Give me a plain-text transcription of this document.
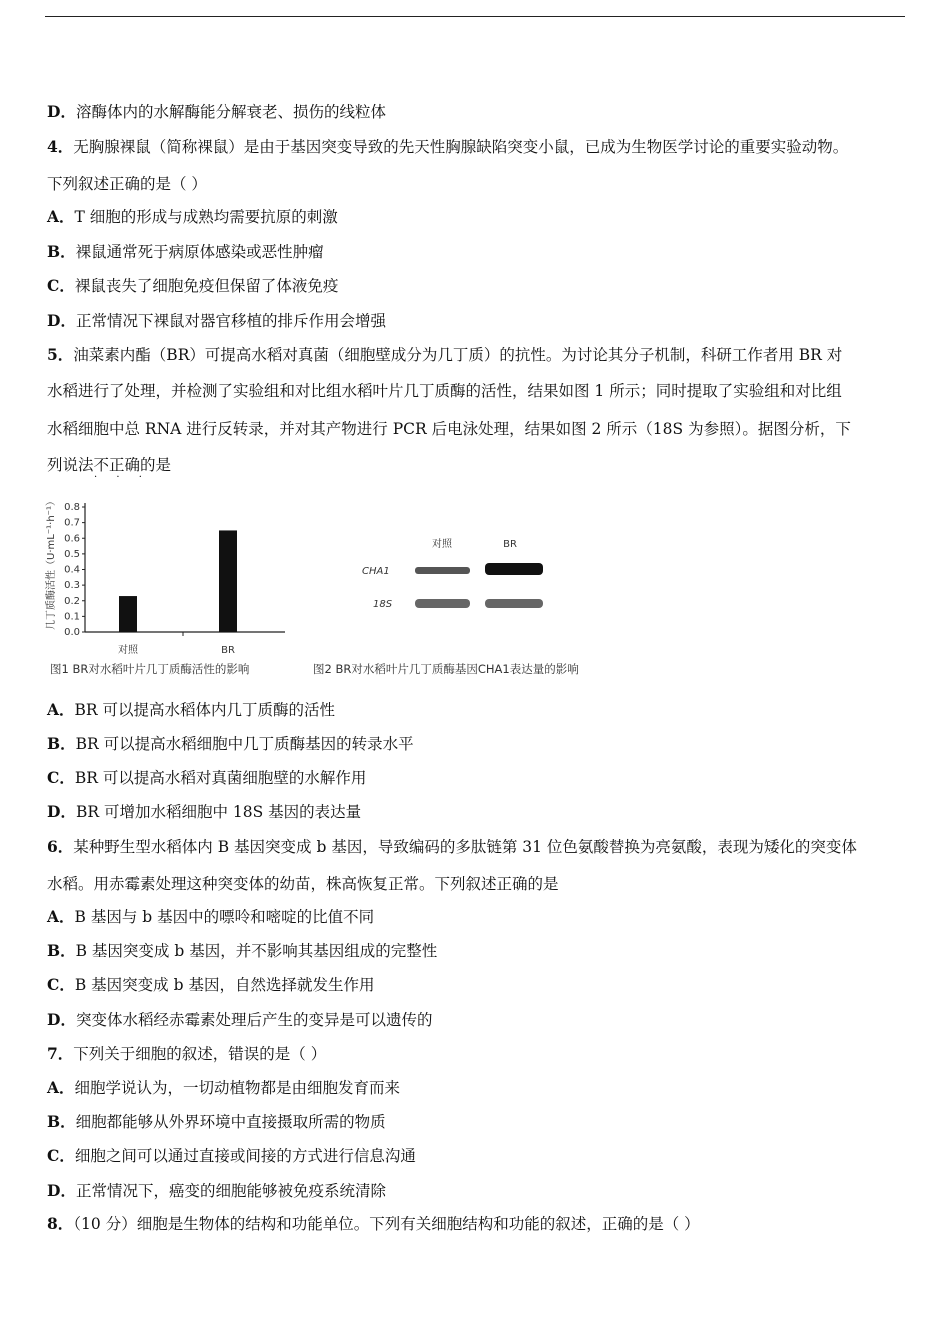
D．溶酶体内的水解酶能分解衰老、损伤的线粒体
4．无胸腺裸鼠（简称裸鼠）是由于基因突变导致的先天性胸腺缺陷突变小鼠，已成为生物医学讨论的重要实验动物。
下列叙述正确的是（ ）
A．T 细胞的形成与成熟均需要抗原的刺激
B．裸鼠通常死于病原体感染或恶性肿瘤
C．裸鼠丧失了细胞免疫但保留了体液免疫
D．正常情况下裸鼠对器官移植的排斥作用会增强
5．油菜素内酯（BR）可提高水稻对真菌（细胞壁成分为几丁质）的抗性。为讨论其分子机制，科研工作者用 BR 对
水稻进行了处理，并检测了实验组和对比组水稻叶片几丁质酶的活性，结果如图 1 所示；同时提取了实验组和对比组
水稻细胞中总 RNA 进行反转录，并对其产物进行 PCR 后电泳处理，结果如图 2 所示（18S 为参照）。据图分析，下
列说法不正确的是
A．BR 可以提高水稻体内几丁质酶的活性
B．BR 可以提高水稻细胞中几丁质酶基因的转录水平
C．BR 可以提高水稻对真菌细胞壁的水解作用
D．BR 可增加水稻细胞中 18S 基因的表达量
6．某种野生型水稻体内 B 基因突变成 b 基因，导致编码的多肽链第 31 位色氨酸替换为亮氨酸，表现为矮化的突变体
水稻。用赤霉素处理这种突变体的幼苗，株高恢复正常。下列叙述正确的是
A．B 基因与 b 基因中的嘌呤和嘧啶的比值不同
B．B 基因突变成 b 基因，并不影响其基因组成的完整性
C．B 基因突变成 b 基因，自然选择就发生作用
D．突变体水稻经赤霉素处理后产生的变异是可以遗传的
7．下列关于细胞的叙述，错误的是（ ）
A．细胞学说认为，一切动植物都是由细胞发育而来
B．细胞都能够从外界环境中直接摄取所需的物质
C．细胞之间可以通过直接或间接的方式进行信息沟通
D．正常情况下，癌变的细胞能够被免疫系统清除
8．（10 分）细胞是生物体的结构和功能单位。下列有关细胞结构和功能的叙述，正确的是（ ）
· · ·
几丁质酶活性（U·mL⁻¹·h⁻¹）
0.0
0.1
0.2
0.3
0.4
0.5
0.6
0.7
0.8
对照	BR
图1 BR对水稻叶片几丁质酶活性的影响
对照	BR
CHA1
18S
图2 BR对水稻叶片几丁质酶基因CHA1表达量的影响
